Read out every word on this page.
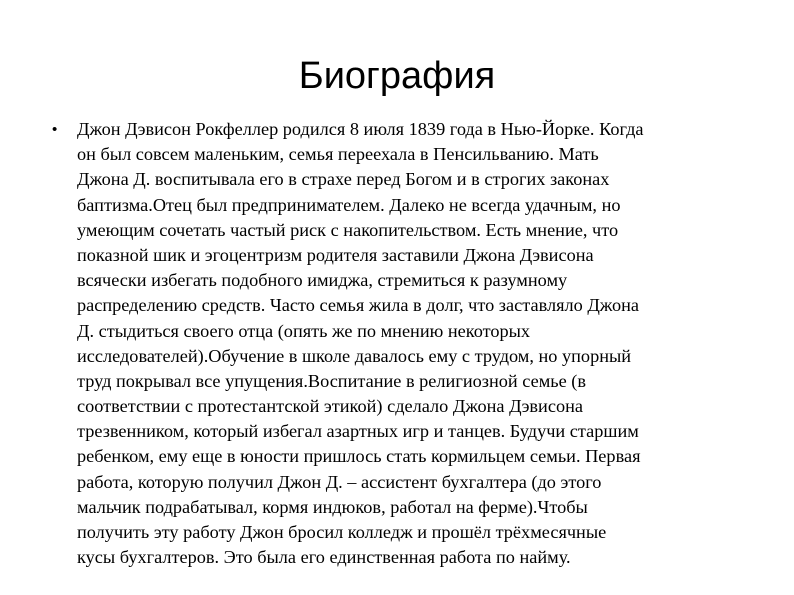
Биография
• Джон Дэвисон Рокфеллер родился 8 июля 1839 года в Нью-Йорке. Когда
он был совсем маленьким, семья переехала в Пенсильванию. Мать
Джона Д. воспитывала его в страхе перед Богом и в строгих законах
баптизма.Отец был предпринимателем. Далеко не всегда удачным, но
умеющим сочетать частый риск с накопительством. Есть мнение, что
показной шик и эгоцентризм родителя заставили Джона Дэвисона
всячески избегать подобного имиджа, стремиться к разумному
распределению средств. Часто семья жила в долг, что заставляло Джона
Д. стыдиться своего отца (опять же по мнению некоторых
исследователей).Обучение в школе давалось ему с трудом, но упорный
труд покрывал все упущения.Воспитание в религиозной семье (в
соответствии с протестантской этикой) сделало Джона Дэвисона
трезвенником, который избегал азартных игр и танцев. Будучи старшим
ребенком, ему еще в юности пришлось стать кормильцем семьи. Первая
работа, которую получил Джон Д. – ассистент бухгалтера (до этого
мальчик подрабатывал, кормя индюков, работал на ферме).Чтобы
получить эту работу Джон бросил колледж и прошёл трёхмесячные
кусы бухгалтеров. Это была его единственная работа по найму.
